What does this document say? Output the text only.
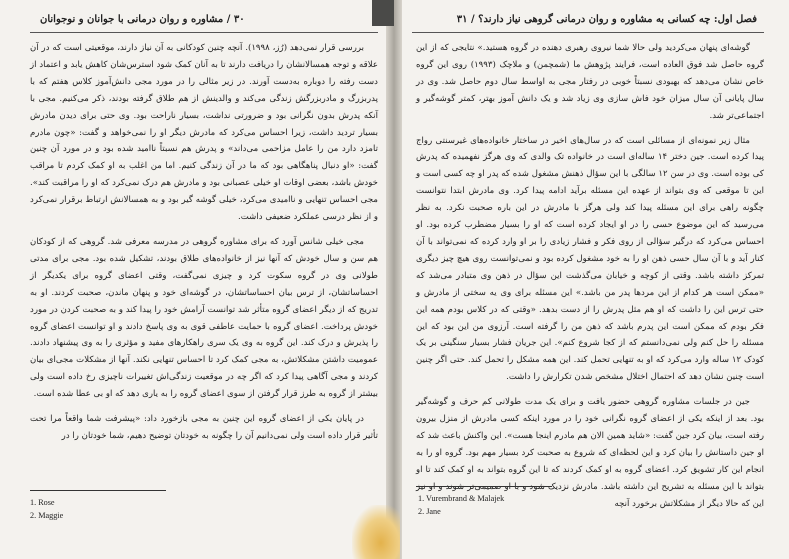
۳۰ / مشاوره و روان درمانی با جوانان و نوجوانان

بررسی قرار نمی‌دهد (رُز، ۱۹۹۸). آنچه چنین کودکانی به آن نیاز دارند، موقعیتی است که در آن علاقه و توجه همسالانشان را دریافت دارند تا به آنان کمک شود استرس‌شان کاهش یابد و اعتماد از دست رفته را دوباره به‌دست آورند. در زیر مثالی را در مورد مجی دانش‌آموز کلاس هفتم که با پدربزرگ و مادربزرگش زندگی می‌کند و والدینش از هم طلاق گرفته بودند، ذکر می‌کنیم. مجی با آنکه پدرش بدون نگرانی بود و ضرورتی نداشت، بسیار ناراحت بود. وی حتی برای دیدن مادرش بسیار تردید داشت، زیرا احساس می‌کرد که مادرش دیگر او را نمی‌خواهد و گفت: «چون مادرم تامزد دارد من را عامل مزاحمی می‌داند» و پدرش هم نسبتاً ناامید شده بود و در مورد آن چنین گفت: «او دنبال پناهگاهی بود که ما در آن زندگی کنیم. اما من اغلب به او کمک کردم تا مراقب خودش باشد، بعضی اوقات او خیلی عصبانی بود و مادرش هم درک نمی‌کرد که او را مراقبت کند». مجی احساس تنهایی و ناامیدی می‌کرد، خیلی گوشه گیر بود و به همسالانش ارتباط برقرار نمی‌کرد و از نظر درسی عملکرد ضعیفی داشت.

مجی خیلی شانس آورد که برای مشاوره گروهی در مدرسه معرفی شد. گروهی که از کودکان هم سن و سال خودش که آنها نیز از خانواده‌های طلاق بودند، تشکیل شده بود. مجی برای مدتی طولانی وی در گروه سکوت کرد و چیزی نمی‌گفت، وقتی اعضای گروه برای یکدیگر از احساساتشان، از ترس بیان احساساتشان، در گوشه‌ای خود و پنهان ماندن، صحبت کردند. او به تدریج که از دیگر اعضای گروه متأثر شد توانست آرامش خود را پیدا کند و به صحبت کردن در مورد خودش پرداخت. اعضای گروه با حمایت عاطفی قوی به وی پاسخ دادند و او توانست اعضای گروه را پذیرش و درک کند. این گروه به وی یک سری راهکارهای مفید و مؤثری را به وی پیشنهاد دادند. عمومیت داشتن مشکلاتش، به مجی کمک کرد تا احساس تنهایی نکند. آنها از مشکلات مجی‌ای بیان کردند و مجی آگاهی پیدا کرد که اگر چه در موقعیت زندگی‌اش تغییرات ناچیزی رخ داده است ولی بیشتر از گروه به طرز قرار گرفتن از سوی اعضای گروه را به یاری دهد که او بی عطا شده است.

در پایان یکی از اعضای گروه این چنین به مجی بازخورد داد: «پیشرفت شما واقعاً مرا تحت تأثیر قرار داده است ولی نمی‌دانیم آن را چگونه به خودتان توضیح دهیم، شما خودتان را در

1. Rose
2. Maggie
فصل اول: چه کسانی به مشاوره و روان درمانی گروهی نیاز دارند؟ / ۳۱

گوشه‌ای پنهان می‌کردید ولی حالا شما نیروی رهبری دهنده در گروه هستید.» نتایجی که از این گروه حاصل شد فوق العاده است، فرایند پژوهش ما (شمچمن) و ملاچک (۱۹۹۳) روی این گروه خاص نشان می‌دهد که بهبودی نسبتاً خوبی در رفتار مجی به اواسط سال دوم حاصل شد. وی در سال پایانی آن سال میزان خود فاش سازی وی زیاد شد و یک دانش آموز بهتر، کمتر گوشه‌گیر و اجتماعی‌تر شد.

مثال زیر نمونه‌ای از مسائلی است که در سال‌های اخیر در ساختار خانواده‌های غیرسنتی رواج پیدا کرده است. جین دختر ۱۴ ساله‌ای است در خانواده تک والدی که وی هرگز نفهمیده که پدرش کی بوده است. وی در سن ۱۲ سالگی با این سؤال ذهنش مشغول شده که پدر او چه کسی است و این تا موقعی که وی بتواند از عهده این مسئله برآید ادامه پیدا کرد. وی مادرش ابتدا نتوانست چگونه راهی برای این مسئله پیدا کند ولی هرگز با مادرش در این باره صحبت نکرد. به نظر می‌رسید که این موضوع حسی را در او ایجاد کرده است که او را بسیار مضطرب کرده بود. او احساس می‌کرد که درگیر سؤالی از روی فکر و فشار زیادی را بر او وارد کرده که نمی‌تواند با آن کنار آید و با آن سال حسی ذهن او را به خود مشغول کرده بود و نمی‌توانست روی هیچ چیز دیگری تمرکز داشته باشد. وقتی از کوچه و خیابان می‌گذشت این سؤال در ذهن وی متبادر می‌شد که «ممکن است هر کدام از این مردها پدر من باشد.» این مسئله برای وی یه سختی از مادرش و حتی ترس این را داشت که او هم مثل پدرش را از دست بدهد. «وقتی که در کلاس بودم همه این فکر بودم که ممکن است این پدرم باشد که ذهن من را گرفته است. آرزوی من این بود که این مسئله را حل کنم ولی نمی‌دانستم که از کجا شروع کنم». این جریان فشار بسیار سنگینی بر یک کودک ۱۲ ساله وارد می‌کرد که او به تنهایی تحمل کند. این همه مشکل را تحمل کند. حتی اگر چنین است چنین نشان دهد که احتمال اختلال مشخص شدن تکرارش را داشت.

جین در جلسات مشاوره گروهی حضور یافت و برای یک مدت طولانی کم حرف و گوشه‌گیر بود. بعد از اینکه یکی از اعضای گروه نگرانی خود را در مورد اینکه کسی مادرش از منزل بیرون رفته است، بیان کرد جین گفت: «شاید همین الان هم مادرم اینجا هست». این واکنش باعث شد که او جین داستانش را بیان کرد و این لحظه‌ای که شروع به صحبت کرد بسیار مهم بود. گروه او را به انجام این کار تشویق کرد. اعضای گروه به او کمک کردند که تا این گروه بتواند به او کمک کند تا او بتواند با این مسئله به تشریح این داشته باشد. مادرش نزدیک شود و با او صمیمی‌تر شوند و او نیز این که حالا دیگر از مشکلاتش برخورد آنچه

1. Vurembrand & Malajek
2. Jane
